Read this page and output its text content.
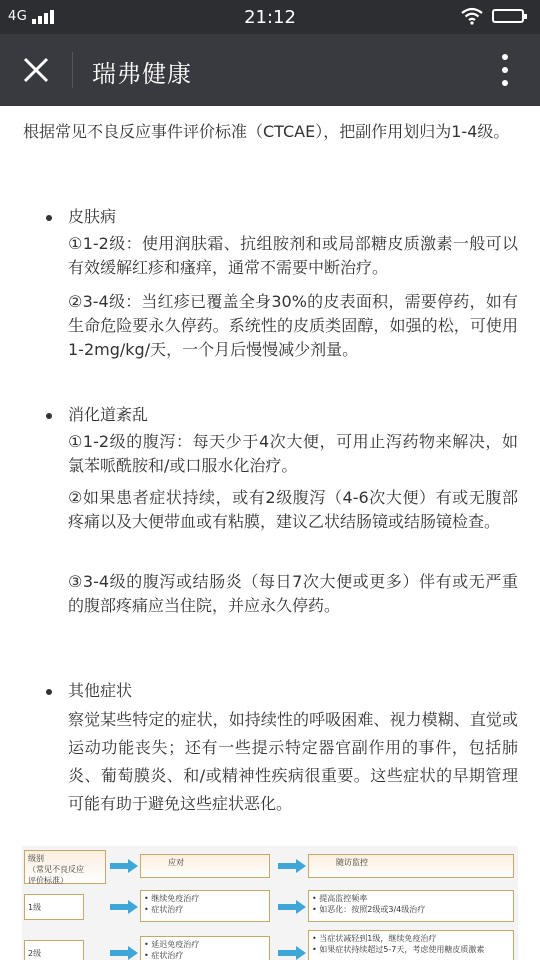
4G	21:12
瑞弗健康
根据常见不良反应事件评价标准（CTCAE），把副作用划归为1-4级。
皮肤病
①1-2级：使用润肤霜、抗组胺剂和或局部糖皮质激素一般可以有效缓解红疹和瘙痒，通常不需要中断治疗。
②3-4级：当红疹已覆盖全身30%的皮表面积，需要停药，如有生命危险要永久停药。系统性的皮质类固醇，如强的松，可使用1-2mg/kg/天，一个月后慢慢减少剂量。
消化道紊乱
①1-2级的腹泻：每天少于4次大便，可用止泻药物来解决，如氯苯哌酰胺和/或口服水化治疗。
②如果患者症状持续，或有2级腹泻（4-6次大便）有或无腹部疼痛以及大便带血或有粘膜，建议乙状结肠镜或结肠镜检查。
③3-4级的腹泻或结肠炎（每日7次大便或更多）伴有或无严重的腹部疼痛应当住院，并应永久停药。
其他症状
察觉某些特定的症状，如持续性的呼吸困难、视力模糊、直觉或运动功能丧失；还有一些提示特定器官副作用的事件，包括肺炎、葡萄膜炎、和/或精神性疾病很重要。这些症状的早期管理可能有助于避免这些症状恶化。
级别
（常见不良反应
评价标准）
应对	随访监控
1级
• 继续免疫治疗
• 症状治疗
• 提高监控频率
• 如恶化：按照2级或3/4级治疗
2级
• 延迟免疫治疗
• 症状治疗
• 当症状减轻到1级，继续免疫治疗
• 如果症状持续超过5-7天，考虑使用糖皮质激素
